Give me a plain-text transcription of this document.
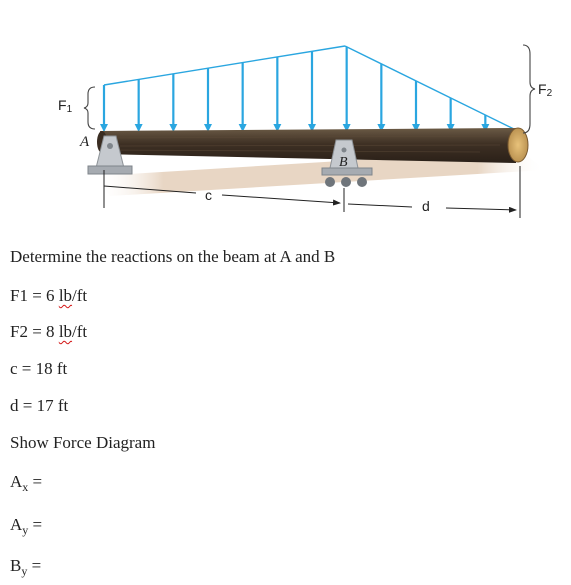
F1
F2
A
B
c
d
Determine the reactions on the beam at A and B
F1 = 6 lb/ft
F2 = 8 lb/ft
c = 18 ft
d = 17 ft
Show Force Diagram
$A_x$ =
$A_y$ =
$B_y$ =
